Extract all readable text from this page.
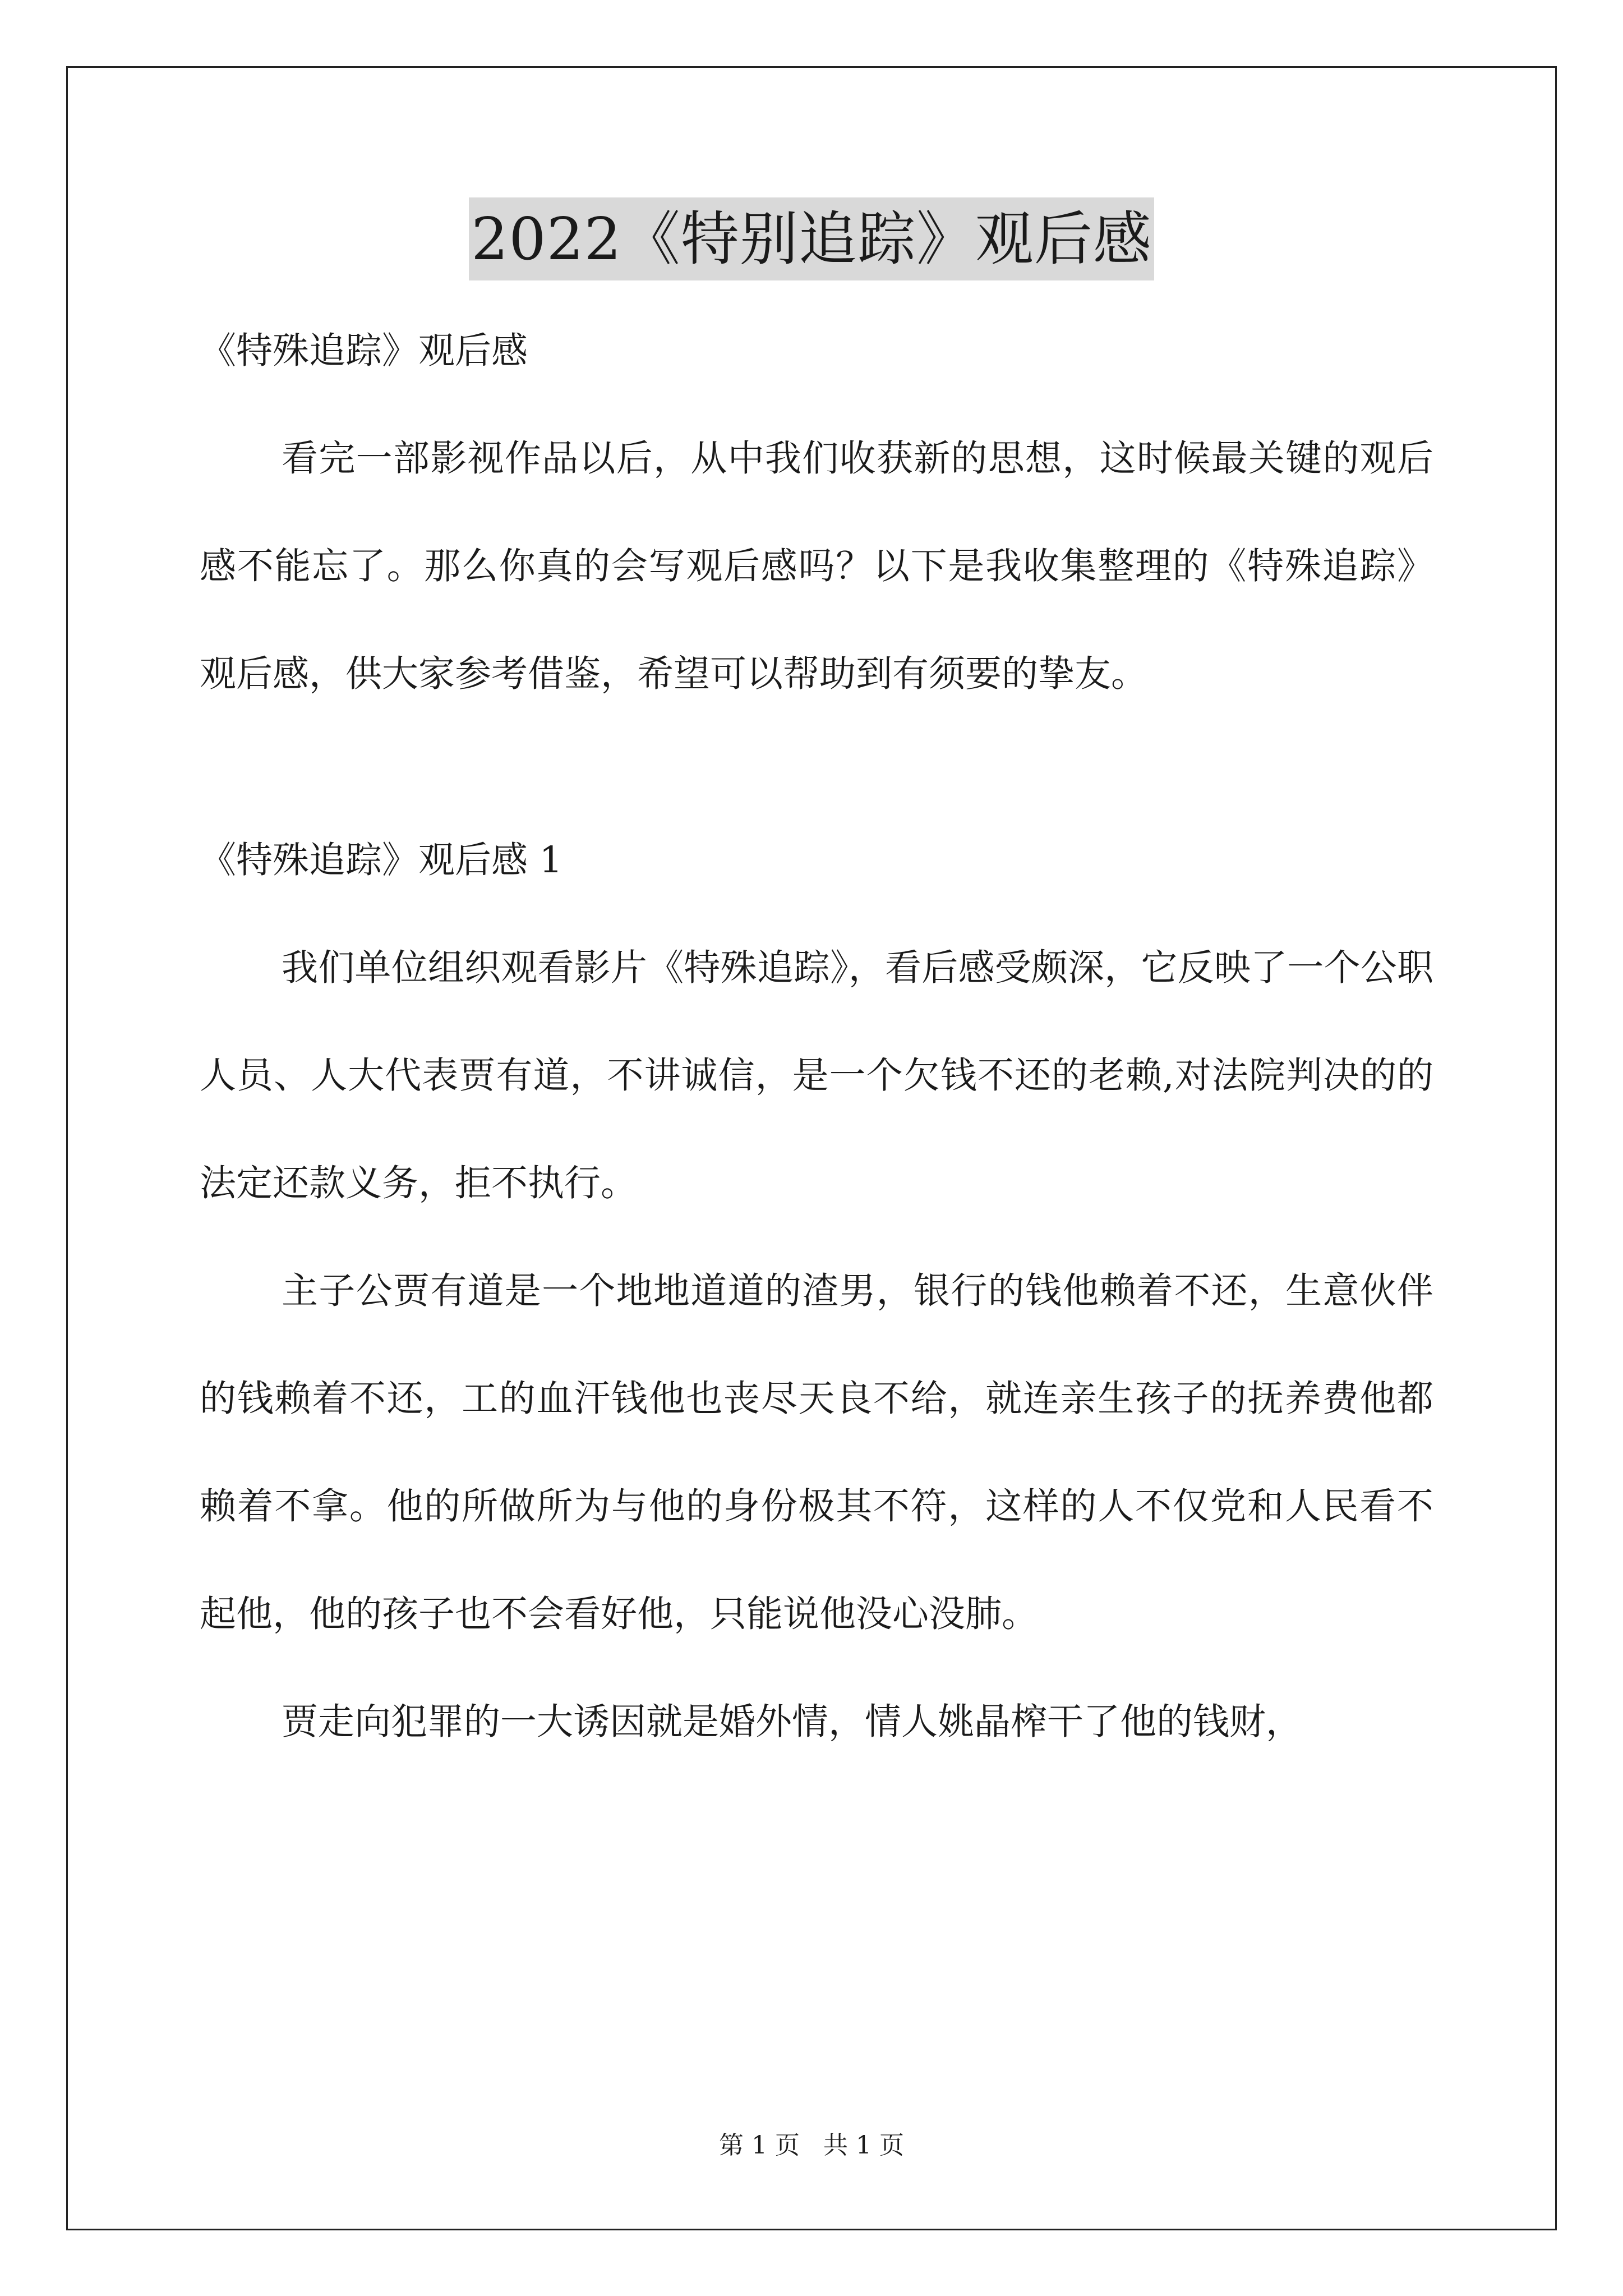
2022《特别追踪》观后感

《特殊追踪》观后感

看完一部影视作品以后，从中我们收获新的思想，这时候最关键的观后感不能忘了。那么你真的会写观后感吗？以下是我收集整理的《特殊追踪》观后感，供大家参考借鉴，希望可以帮助到有须要的挚友。

《特殊追踪》观后感 1

我们单位组织观看影片《特殊追踪》，看后感受颇深，它反映了一个公职人员、人大代表贾有道，不讲诚信，是一个欠钱不还的老赖,对法院判决的的法定还款义务，拒不执行。

主子公贾有道是一个地地道道的渣男，银行的钱他赖着不还，生意伙伴的钱赖着不还，工的血汗钱他也丧尽天良不给，就连亲生孩子的抚养费他都赖着不拿。他的所做所为与他的身份极其不符，这样的人不仅党和人民看不起他，他的孩子也不会看好他，只能说他没心没肺。

贾走向犯罪的一大诱因就是婚外情，情人姚晶榨干了他的钱财，

第 1 页 共 1 页
